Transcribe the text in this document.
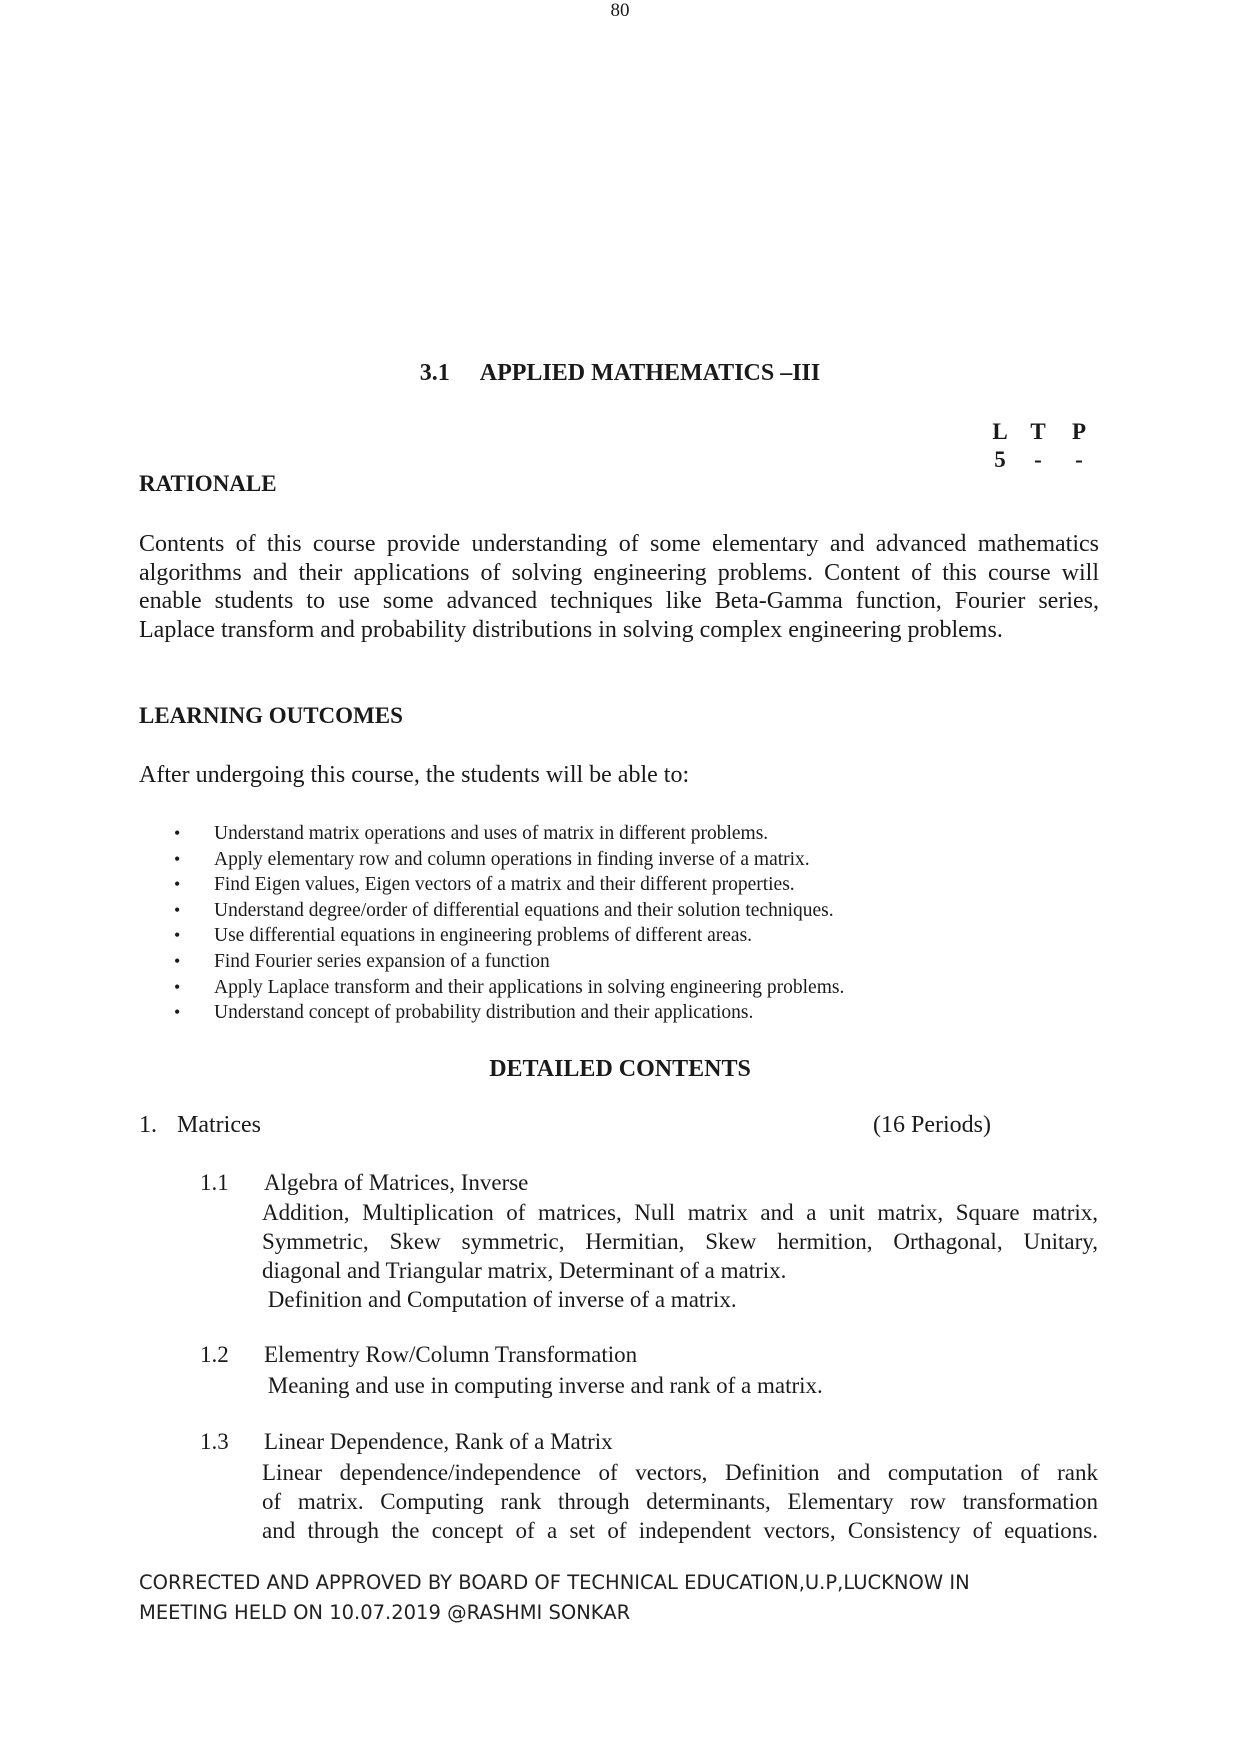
80
3.1 APPLIED MATHEMATICS –III
L	T	P
5	-	-
RATIONALE
Contents of this course provide understanding of some elementary and advanced mathematics
algorithms and their applications of solving engineering problems. Content of this course will
enable students to use some advanced techniques like Beta-Gamma function, Fourier series,
Laplace transform and probability distributions in solving complex engineering problems.
LEARNING OUTCOMES
After undergoing this course, the students will be able to:
• Understand matrix operations and uses of matrix in different problems.
• Apply elementary row and column operations in finding inverse of a matrix.
• Find Eigen values, Eigen vectors of a matrix and their different properties.
• Understand degree/order of differential equations and their solution techniques.
• Use differential equations in engineering problems of different areas.
• Find Fourier series expansion of a function
• Apply Laplace transform and their applications in solving engineering problems.
• Understand concept of probability distribution and their applications.
DETAILED CONTENTS
1. Matrices	(16 Periods)
1.1 Algebra of Matrices, Inverse
Addition, Multiplication of matrices, Null matrix and a unit matrix, Square matrix,
Symmetric, Skew symmetric, Hermitian, Skew hermition, Orthagonal, Unitary,
diagonal and Triangular matrix, Determinant of a matrix.
Definition and Computation of inverse of a matrix.
1.2 Elementry Row/Column Transformation
Meaning and use in computing inverse and rank of a matrix.
1.3 Linear Dependence, Rank of a Matrix
Linear dependence/independence of vectors, Definition and computation of rank
of matrix. Computing rank through determinants, Elementary row transformation
and through the concept of a set of independent vectors, Consistency of equations.
CORRECTED AND APPROVED BY BOARD OF TECHNICAL EDUCATION,U.P,LUCKNOW IN
MEETING HELD ON 10.07.2019 @RASHMI SONKAR
